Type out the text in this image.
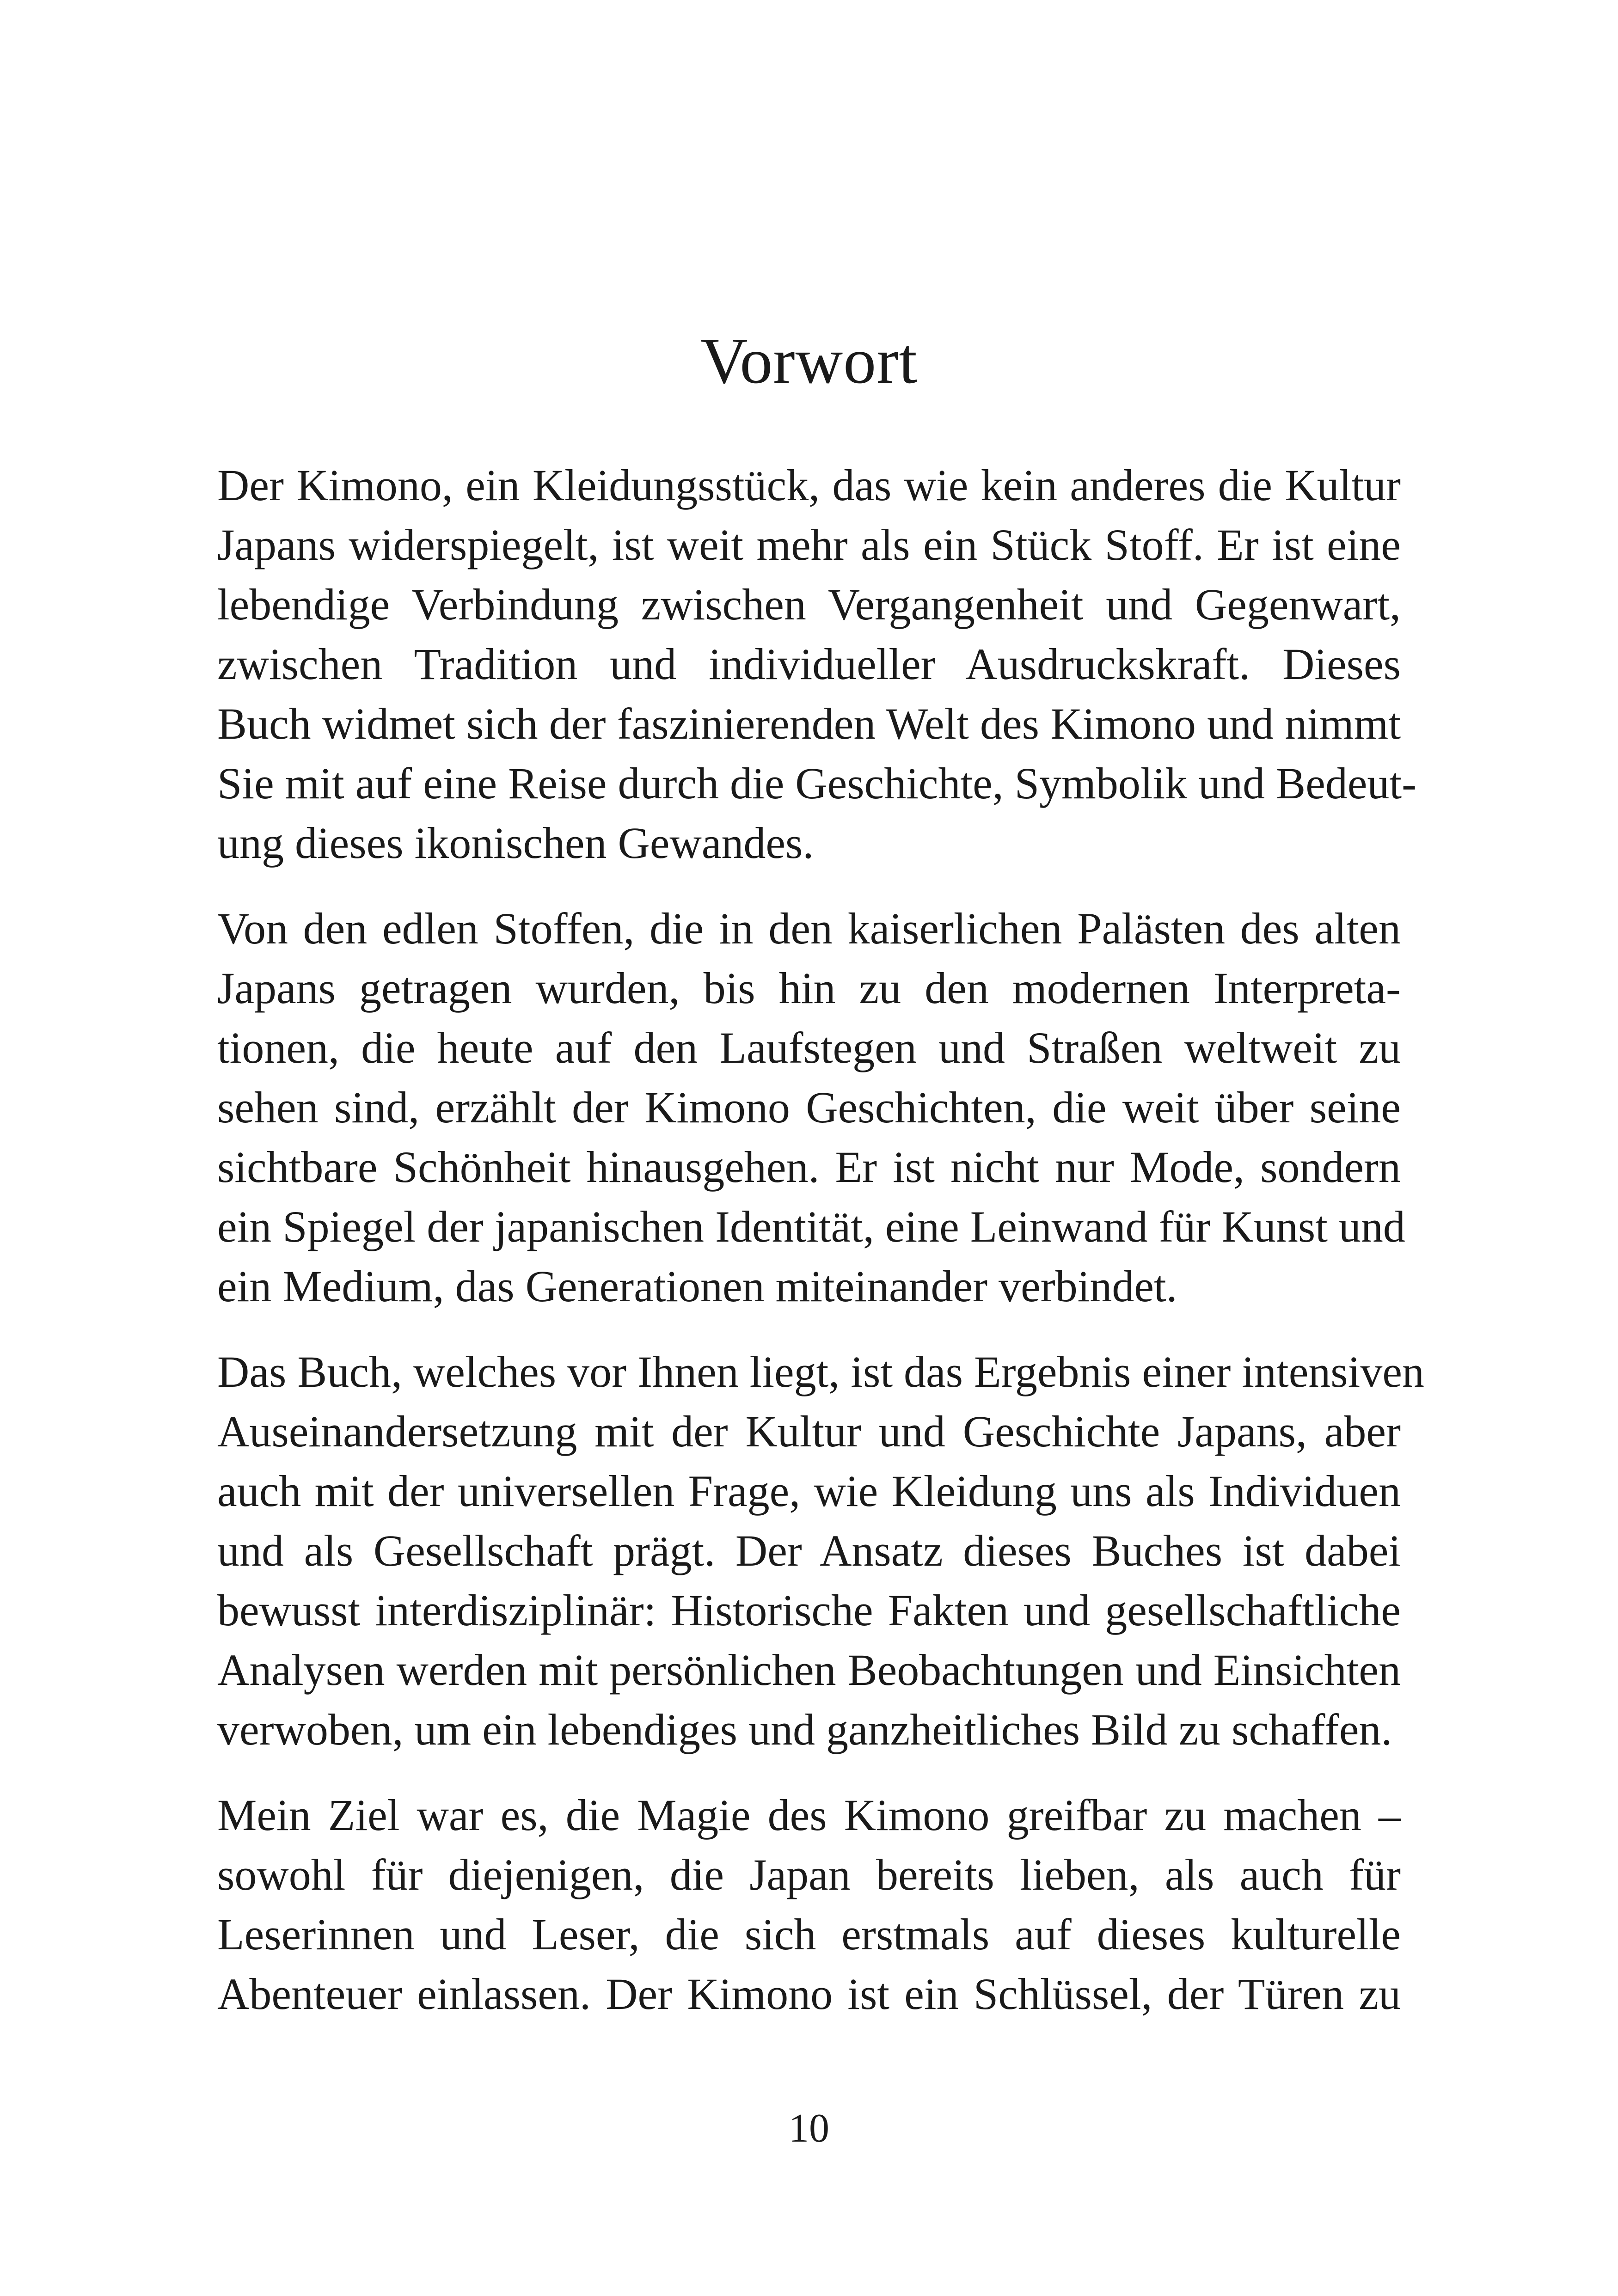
Vorwort

Der Kimono, ein Kleidungsstück, das wie kein anderes die Kultur
Japans widerspiegelt, ist weit mehr als ein Stück Stoff. Er ist eine
lebendige Verbindung zwischen Vergangenheit und Gegenwart,
zwischen Tradition und individueller Ausdruckskraft. Dieses
Buch widmet sich der faszinierenden Welt des Kimono und nimmt
Sie mit auf eine Reise durch die Geschichte, Symbolik und Bedeut-
ung dieses ikonischen Gewandes.

Von den edlen Stoffen, die in den kaiserlichen Palästen des alten
Japans getragen wurden, bis hin zu den modernen Interpreta-
tionen, die heute auf den Laufstegen und Straßen weltweit zu
sehen sind, erzählt der Kimono Geschichten, die weit über seine
sichtbare Schönheit hinausgehen. Er ist nicht nur Mode, sondern
ein Spiegel der japanischen Identität, eine Leinwand für Kunst und
ein Medium, das Generationen miteinander verbindet.

Das Buch, welches vor Ihnen liegt, ist das Ergebnis einer intensiven
Auseinandersetzung mit der Kultur und Geschichte Japans, aber
auch mit der universellen Frage, wie Kleidung uns als Individuen
und als Gesellschaft prägt. Der Ansatz dieses Buches ist dabei
bewusst interdisziplinär: Historische Fakten und gesellschaftliche
Analysen werden mit persönlichen Beobachtungen und Einsichten
verwoben, um ein lebendiges und ganzheitliches Bild zu schaffen.

Mein Ziel war es, die Magie des Kimono greifbar zu machen –
sowohl für diejenigen, die Japan bereits lieben, als auch für
Leserinnen und Leser, die sich erstmals auf dieses kulturelle
Abenteuer einlassen. Der Kimono ist ein Schlüssel, der Türen zu

10
